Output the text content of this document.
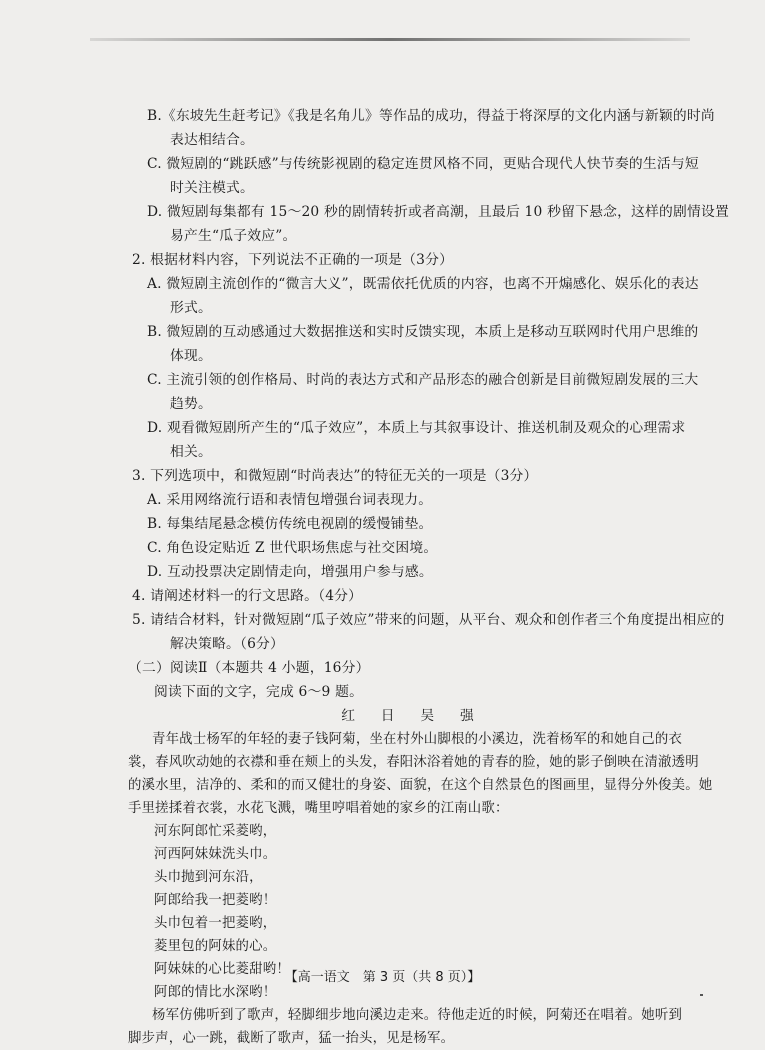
B.《东坡先生赶考记》《我是名角儿》等作品的成功，得益于将深厚的文化内涵与新颖的时尚
表达相结合。
C. 微短剧的“跳跃感”与传统影视剧的稳定连贯风格不同，更贴合现代人快节奏的生活与短
时关注模式。
D. 微短剧每集都有 15～20 秒的剧情转折或者高潮，且最后 10 秒留下悬念，这样的剧情设置
易产生“瓜子效应”。
2. 根据材料内容，下列说法不正确的一项是（3分）
A. 微短剧主流创作的“微言大义”，既需依托优质的内容，也离不开煽感化、娱乐化的表达
形式。
B. 微短剧的互动感通过大数据推送和实时反馈实现，本质上是移动互联网时代用户思维的
体现。
C. 主流引领的创作格局、时尚的表达方式和产品形态的融合创新是目前微短剧发展的三大
趋势。
D. 观看微短剧所产生的“瓜子效应”，本质上与其叙事设计、推送机制及观众的心理需求
相关。
3. 下列选项中，和微短剧“时尚表达”的特征无关的一项是（3分）
A. 采用网络流行语和表情包增强台词表现力。
B. 每集结尾悬念模仿传统电视剧的缓慢铺垫。
C. 角色设定贴近 Z 世代职场焦虑与社交困境。
D. 互动投票决定剧情走向，增强用户参与感。
4. 请阐述材料一的行文思路。（4分）
5. 请结合材料，针对微短剧“瓜子效应”带来的问题，从平台、观众和创作者三个角度提出相应的
解决策略。（6分）
（二）阅读Ⅱ（本题共 4 小题，16分）
阅读下面的文字，完成 6～9 题。
红　日　吴　强
青年战士杨军的年轻的妻子钱阿菊，坐在村外山脚根的小溪边，洗着杨军的和她自己的衣
裳，春风吹动她的衣襟和垂在颊上的头发，春阳沐浴着她的青春的脸，她的影子倒映在清澈透明
的溪水里，洁净的、柔和的而又健壮的身姿、面貌，在这个自然景色的图画里，显得分外俊美。她
手里搓揉着衣裳，水花飞溅，嘴里哼唱着她的家乡的江南山歌：
河东阿郎忙采菱哟，
河西阿妹妹洗头巾。
头巾抛到河东沿，
阿郎给我一把菱哟！
头巾包着一把菱哟，
菱里包的阿妹的心。
阿妹妹的心比菱甜哟！
阿郎的情比水深哟！
杨军仿佛听到了歌声，轻脚细步地向溪边走来。待他走近的时候，阿菊还在唱着。她听到
脚步声，心一跳，截断了歌声，猛一抬头，见是杨军。
【高一语文　第 3 页（共 8 页）】
